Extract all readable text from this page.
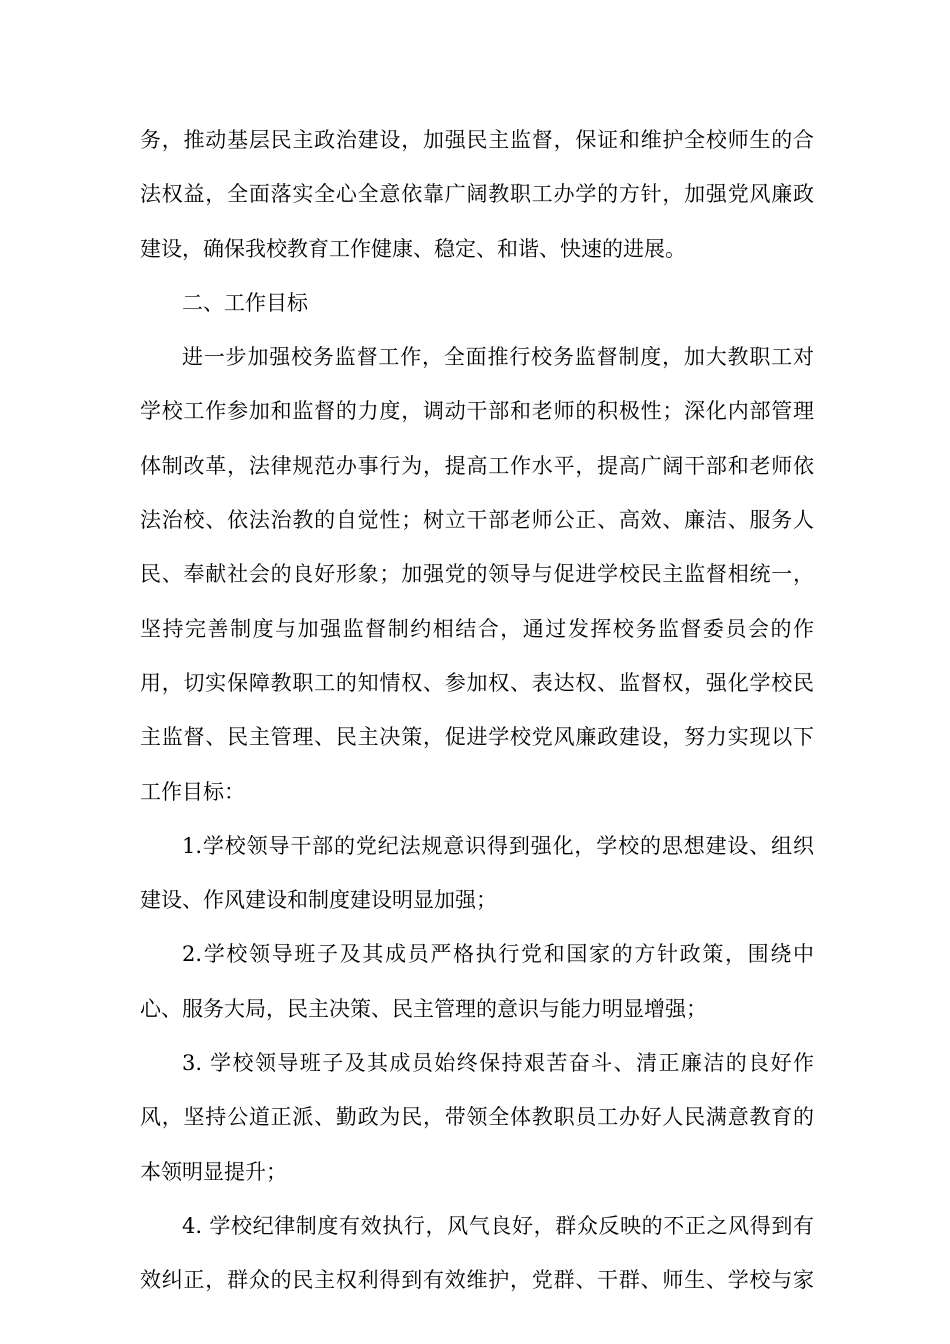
务，推动基层民主政治建设，加强民主监督，保证和维护全校师生的合
法权益，全面落实全心全意依靠广阔教职工办学的方针，加强党风廉政
建设，确保我校教育工作健康、稳定、和谐、快速的进展。
二、工作目标
进一步加强校务监督工作，全面推行校务监督制度，加大教职工对
学校工作参加和监督的力度，调动干部和老师的积极性；深化内部管理
体制改革，法律规范办事行为，提高工作水平，提高广阔干部和老师依
法治校、依法治教的自觉性；树立干部老师公正、高效、廉洁、服务人
民、奉献社会的良好形象；加强党的领导与促进学校民主监督相统一，
坚持完善制度与加强监督制约相结合，通过发挥校务监督委员会的作
用，切实保障教职工的知情权、参加权、表达权、监督权，强化学校民
主监督、民主管理、民主决策，促进学校党风廉政建设，努力实现以下
工作目标：
1.学校领导干部的党纪法规意识得到强化，学校的思想建设、组织
建设、作风建设和制度建设明显加强；
2.学校领导班子及其成员严格执行党和国家的方针政策，围绕中
心、服务大局，民主决策、民主管理的意识与能力明显增强；
3. 学校领导班子及其成员始终保持艰苦奋斗、清正廉洁的良好作
风，坚持公道正派、勤政为民，带领全体教职员工办好人民满意教育的
本领明显提升；
4. 学校纪律制度有效执行，风气良好，群众反映的不正之风得到有
效纠正，群众的民主权利得到有效维护，党群、干群、师生、学校与家
